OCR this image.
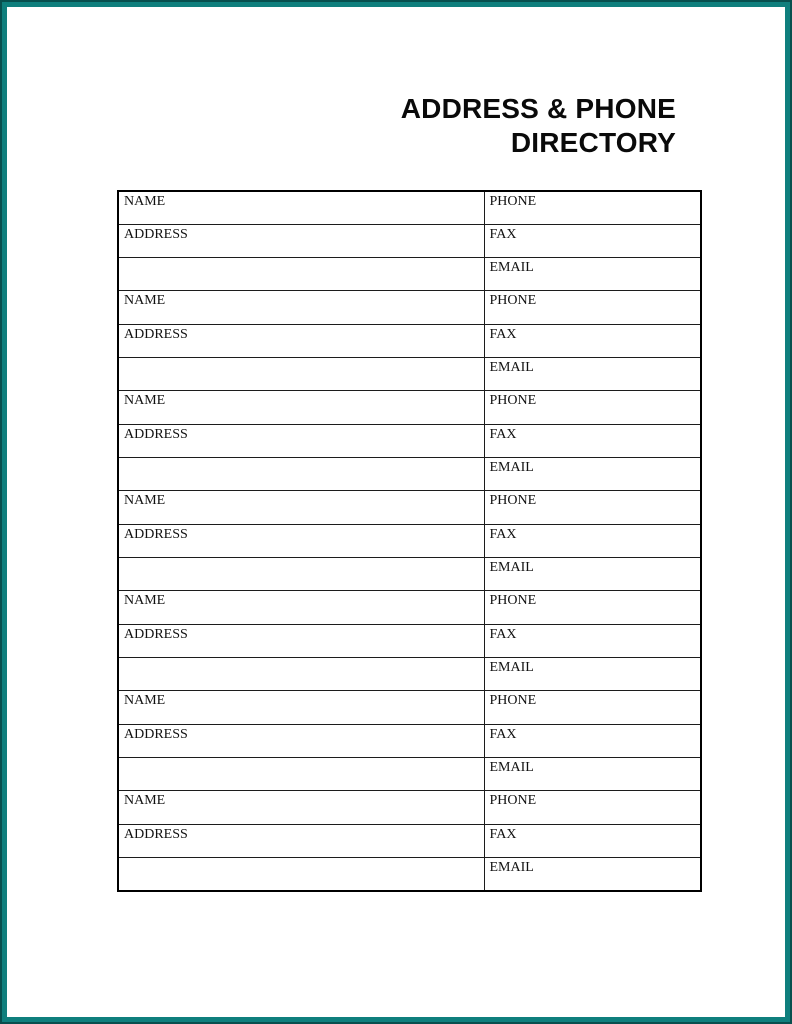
ADDRESS & PHONE
DIRECTORY
NAME	PHONE
ADDRESS	FAX
	EMAIL
NAME	PHONE
ADDRESS	FAX
	EMAIL
NAME	PHONE
ADDRESS	FAX
	EMAIL
NAME	PHONE
ADDRESS	FAX
	EMAIL
NAME	PHONE
ADDRESS	FAX
	EMAIL
NAME	PHONE
ADDRESS	FAX
	EMAIL
NAME	PHONE
ADDRESS	FAX
	EMAIL
